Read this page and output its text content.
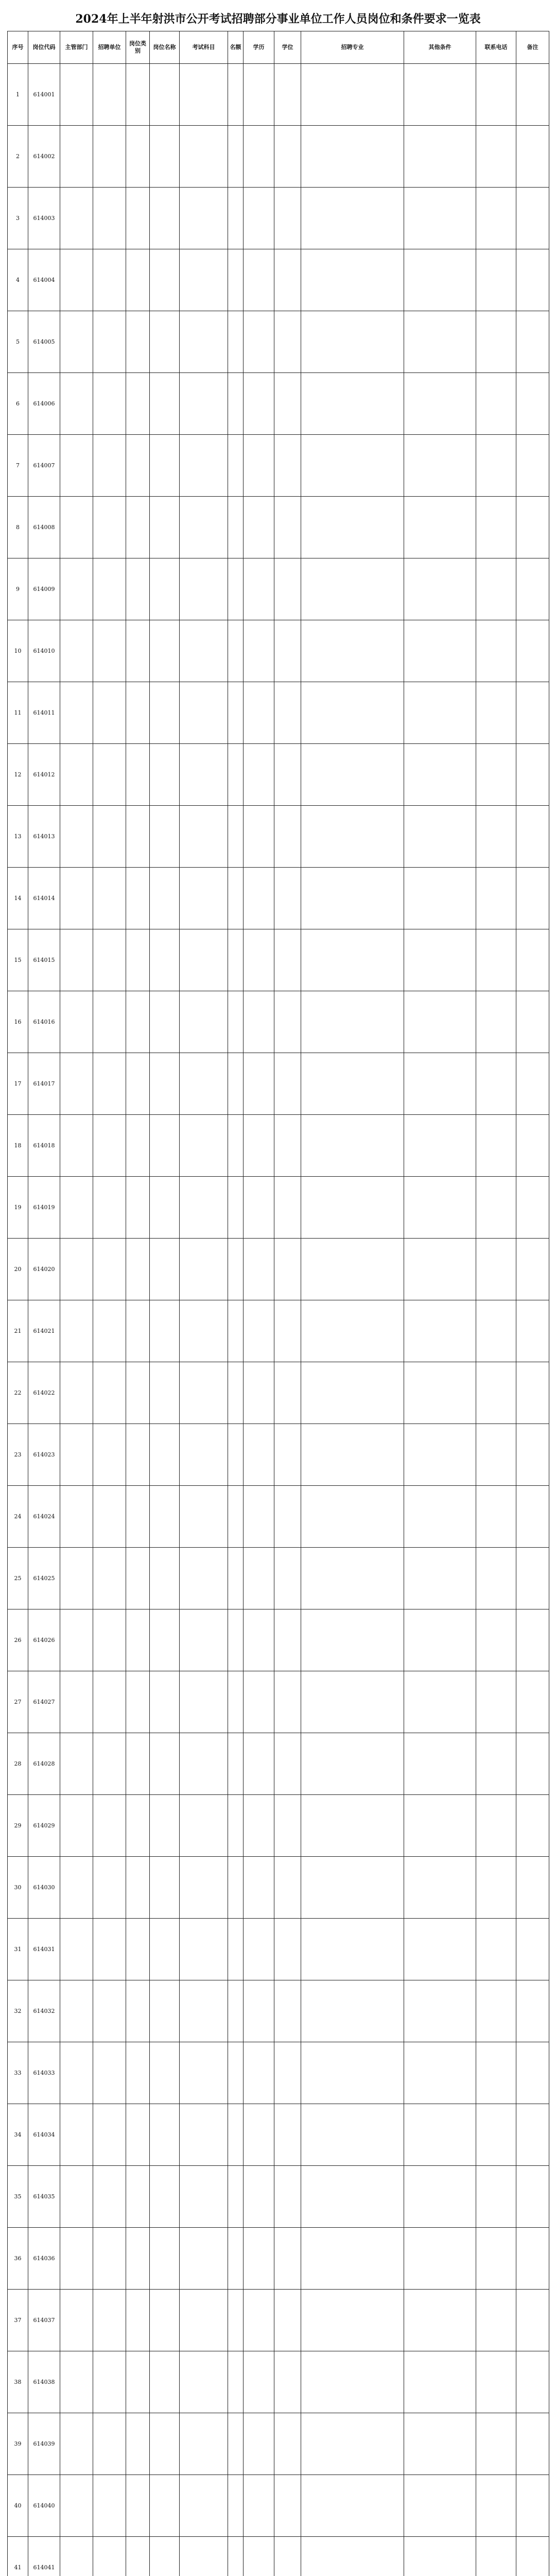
2024年上半年射洪市公开考试招聘部分事业单位工作人员岗位和条件要求一览表
序号	岗位代码	主管部门	招聘单位	岗位类别	岗位名称	考试科目	名额	学历	学位	招聘专业	其他条件	联系电话	备注
1	614001												
2	614002												
3	614003												
4	614004												
5	614005												
6	614006												
7	614007												
8	614008												
9	614009												
10	614010												
11	614011												
12	614012												
13	614013												
14	614014												
15	614015												
16	614016												
17	614017												
18	614018												
19	614019												
20	614020												
21	614021												
22	614022												
23	614023												
24	614024												
25	614025												
26	614026												
27	614027												
28	614028												
29	614029												
30	614030												
31	614031												
32	614032												
33	614033												
34	614034												
35	614035												
36	614036												
37	614037												
38	614038												
39	614039												
40	614040												
41	614041												
